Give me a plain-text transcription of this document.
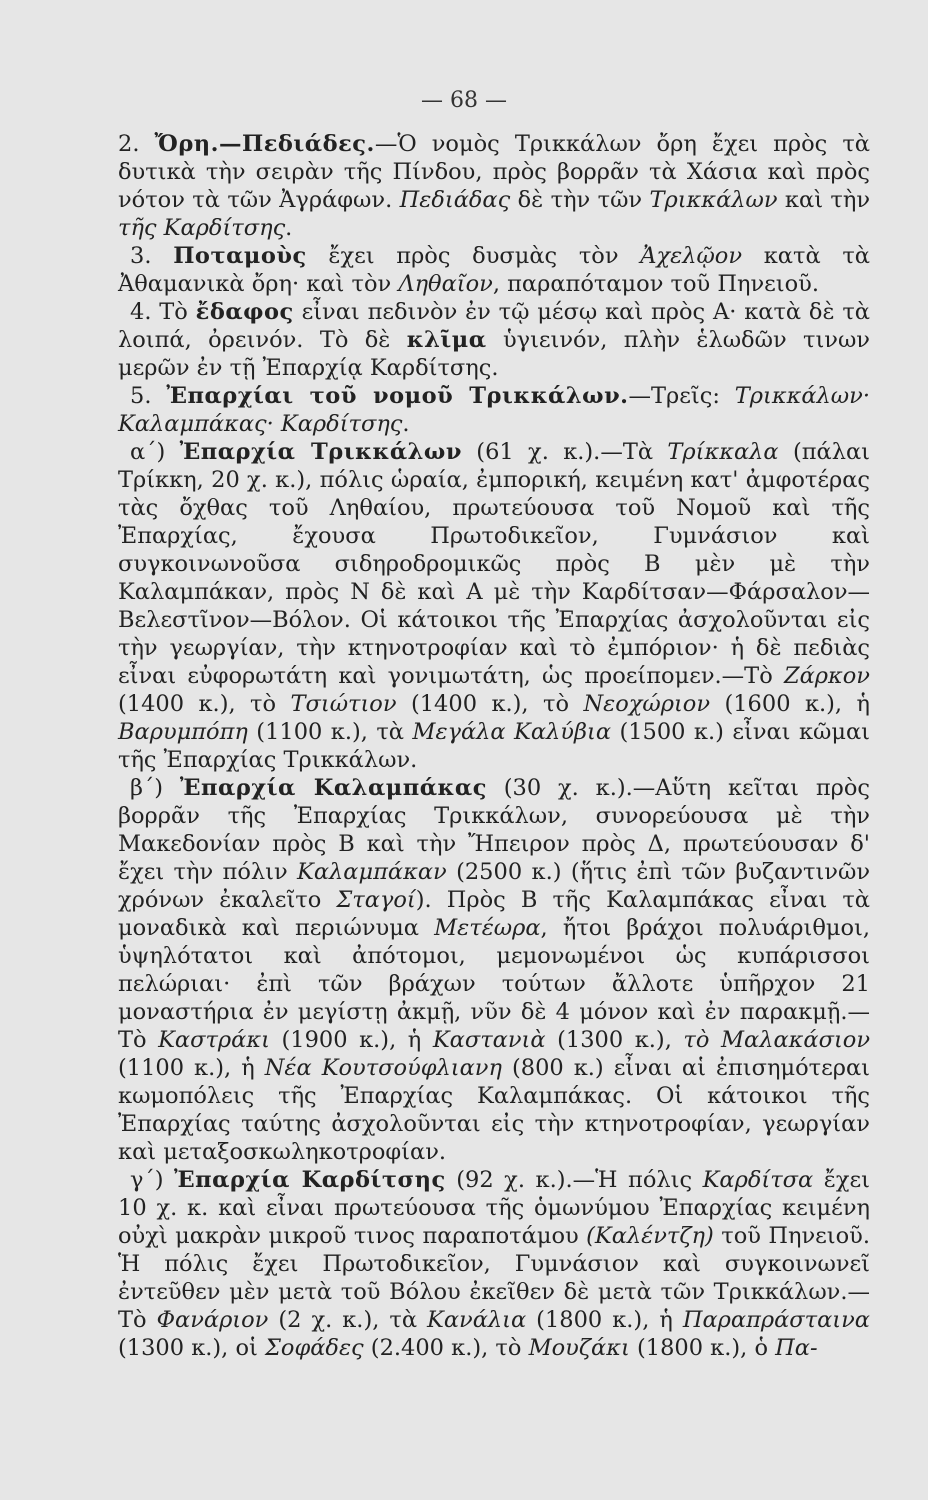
— 68 —

2. Ὄρη.—Πεδιάδες.—Ὁ νομὸς Τρικκάλων ὄρη ἔχει πρὸς τὰ δυτικὰ τὴν σειρὰν τῆς Πίνδου, πρὸς βορρᾶν τὰ Χάσια καὶ πρὸς νότον τὰ τῶν Ἀγράφων. Πεδιάδας δὲ τὴν τῶν Τρικκάλων καὶ τὴν τῆς Καρδίτσης.

3. Ποταμοὺς ἔχει πρὸς δυσμὰς τὸν Ἀχελῷον κατὰ τὰ Ἀθαμανικὰ ὄρη· καὶ τὸν Ληθαῖον, παραπόταμον τοῦ Πηνειοῦ.

4. Τὸ ἔδαφος εἶναι πεδινὸν ἐν τῷ μέσῳ καὶ πρὸς Α· κατὰ δὲ τὰ λοιπά, ὀρεινόν. Τὸ δὲ κλῖμα ὑγιεινόν, πλὴν ἑλωδῶν τινων μερῶν ἐν τῇ Ἐπαρχίᾳ Καρδίτσης.

5. Ἐπαρχίαι τοῦ νομοῦ Τρικκάλων.—Τρεῖς: Τρικκάλων· Καλαμπάκας· Καρδίτσης.

α΄) Ἐπαρχία Τρικκάλων (61 χ. κ.).—Τὰ Τρίκκαλα (πάλαι Τρίκκη, 20 χ. κ.), πόλις ὡραία, ἐμπορική, κειμένη κατ' ἀμφοτέρας τὰς ὄχθας τοῦ Ληθαίου, πρωτεύουσα τοῦ Νομοῦ καὶ τῆς Ἐπαρχίας, ἔχουσα Πρωτοδικεῖον, Γυμνάσιον καὶ συγκοινωνοῦσα σιδηροδρομικῶς πρὸς Β μὲν μὲ τὴν Καλαμπάκαν, πρὸς Ν δὲ καὶ Α μὲ τὴν Καρδίτσαν—Φάρσαλον—Βελεστῖνον—Βόλον. Οἱ κάτοικοι τῆς Ἐπαρχίας ἀσχολοῦνται εἰς τὴν γεωργίαν, τὴν κτηνοτροφίαν καὶ τὸ ἐμπόριον· ἡ δὲ πεδιὰς εἶναι εὐφορωτάτη καὶ γονιμωτάτη, ὡς προείπομεν.—Τὸ Ζάρκον (1400 κ.), τὸ Τσιώτιον (1400 κ.), τὸ Νεοχώριον (1600 κ.), ἡ Βαρυμπόπη (1100 κ.), τὰ Μεγάλα Καλύβια (1500 κ.) εἶναι κῶμαι τῆς Ἐπαρχίας Τρικκάλων.

β΄) Ἐπαρχία Καλαμπάκας (30 χ. κ.).—Αὕτη κεῖται πρὸς βορρᾶν τῆς Ἐπαρχίας Τρικκάλων, συνορεύουσα μὲ τὴν Μακεδονίαν πρὸς Β καὶ τὴν Ἤπειρον πρὸς Δ, πρωτεύουσαν δ' ἔχει τὴν πόλιν Καλαμπάκαν (2500 κ.) (ἥτις ἐπὶ τῶν βυζαντινῶν χρόνων ἐκαλεῖτο Σταγοί). Πρὸς Β τῆς Καλαμπάκας εἶναι τὰ μοναδικὰ καὶ περιώνυμα Μετέωρα, ἤτοι βράχοι πολυάριθμοι, ὑψηλότατοι καὶ ἀπότομοι, μεμονωμένοι ὡς κυπάρισσοι πελώριαι· ἐπὶ τῶν βράχων τούτων ἄλλοτε ὑπῆρχον 21 μοναστήρια ἐν μεγίστῃ ἀκμῇ, νῦν δὲ 4 μόνον καὶ ἐν παρακμῇ.—Τὸ Καστράκι (1900 κ.), ἡ Καστανιὰ (1300 κ.), τὸ Μαλακάσιον (1100 κ.), ἡ Νέα Κουτσούφλιανη (800 κ.) εἶναι αἱ ἐπισημότεραι κωμοπόλεις τῆς Ἐπαρχίας Καλαμπάκας. Οἱ κάτοικοι τῆς Ἐπαρχίας ταύτης ἀσχολοῦνται εἰς τὴν κτηνοτροφίαν, γεωργίαν καὶ μεταξοσκωληκοτροφίαν.

γ΄) Ἐπαρχία Καρδίτσης (92 χ. κ.).—Ἡ πόλις Καρδίτσα ἔχει 10 χ. κ. καὶ εἶναι πρωτεύουσα τῆς ὁμωνύμου Ἐπαρχίας κειμένη οὐχὶ μακρὰν μικροῦ τινος παραποτάμου (Καλέντζη) τοῦ Πηνειοῦ. Ἡ πόλις ἔχει Πρωτοδικεῖον, Γυμνάσιον καὶ συγκοινωνεῖ ἐντεῦθεν μὲν μετὰ τοῦ Βόλου ἐκεῖθεν δὲ μετὰ τῶν Τρικκάλων.—Τὸ Φανάριον (2 χ. κ.), τὰ Κανάλια (1800 κ.), ἡ Παραπράσταινα (1300 κ.), οἱ Σοφάδες (2.400 κ.), τὸ Μουζάκι (1800 κ.), ὁ Πα-
